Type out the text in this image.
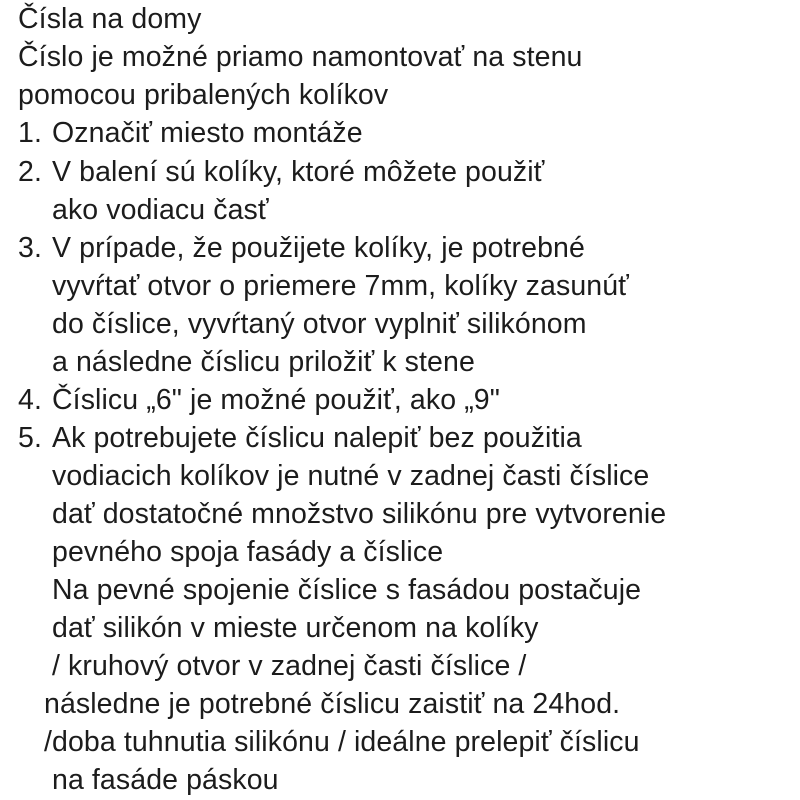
Čísla na domy
Číslo je možné priamo namontovať na stenu
pomocou pribalených kolíkov
1. Označiť miesto montáže
2. V balení sú kolíky, ktoré môžete použiť
ako vodiacu časť
3. V prípade, že použijete kolíky, je potrebné
vyvŕtať otvor o priemere 7mm, kolíky zasunúť
do číslice, vyvŕtaný otvor vyplniť silikónom
a následne číslicu priložiť k stene
4. Číslicu „6" je možné použiť, ako „9"
5. Ak potrebujete číslicu nalepiť bez použitia
vodiacich kolíkov je nutné v zadnej časti číslice
dať dostatočné množstvo silikónu pre vytvorenie
pevného spoja fasády a číslice
Na pevné spojenie číslice s fasádou postačuje
dať silikón v mieste určenom na kolíky
/ kruhový otvor v zadnej časti číslice /
následne je potrebné číslicu zaistiť na 24hod.
/doba tuhnutia silikónu / ideálne prelepiť číslicu
na fasáde páskou
